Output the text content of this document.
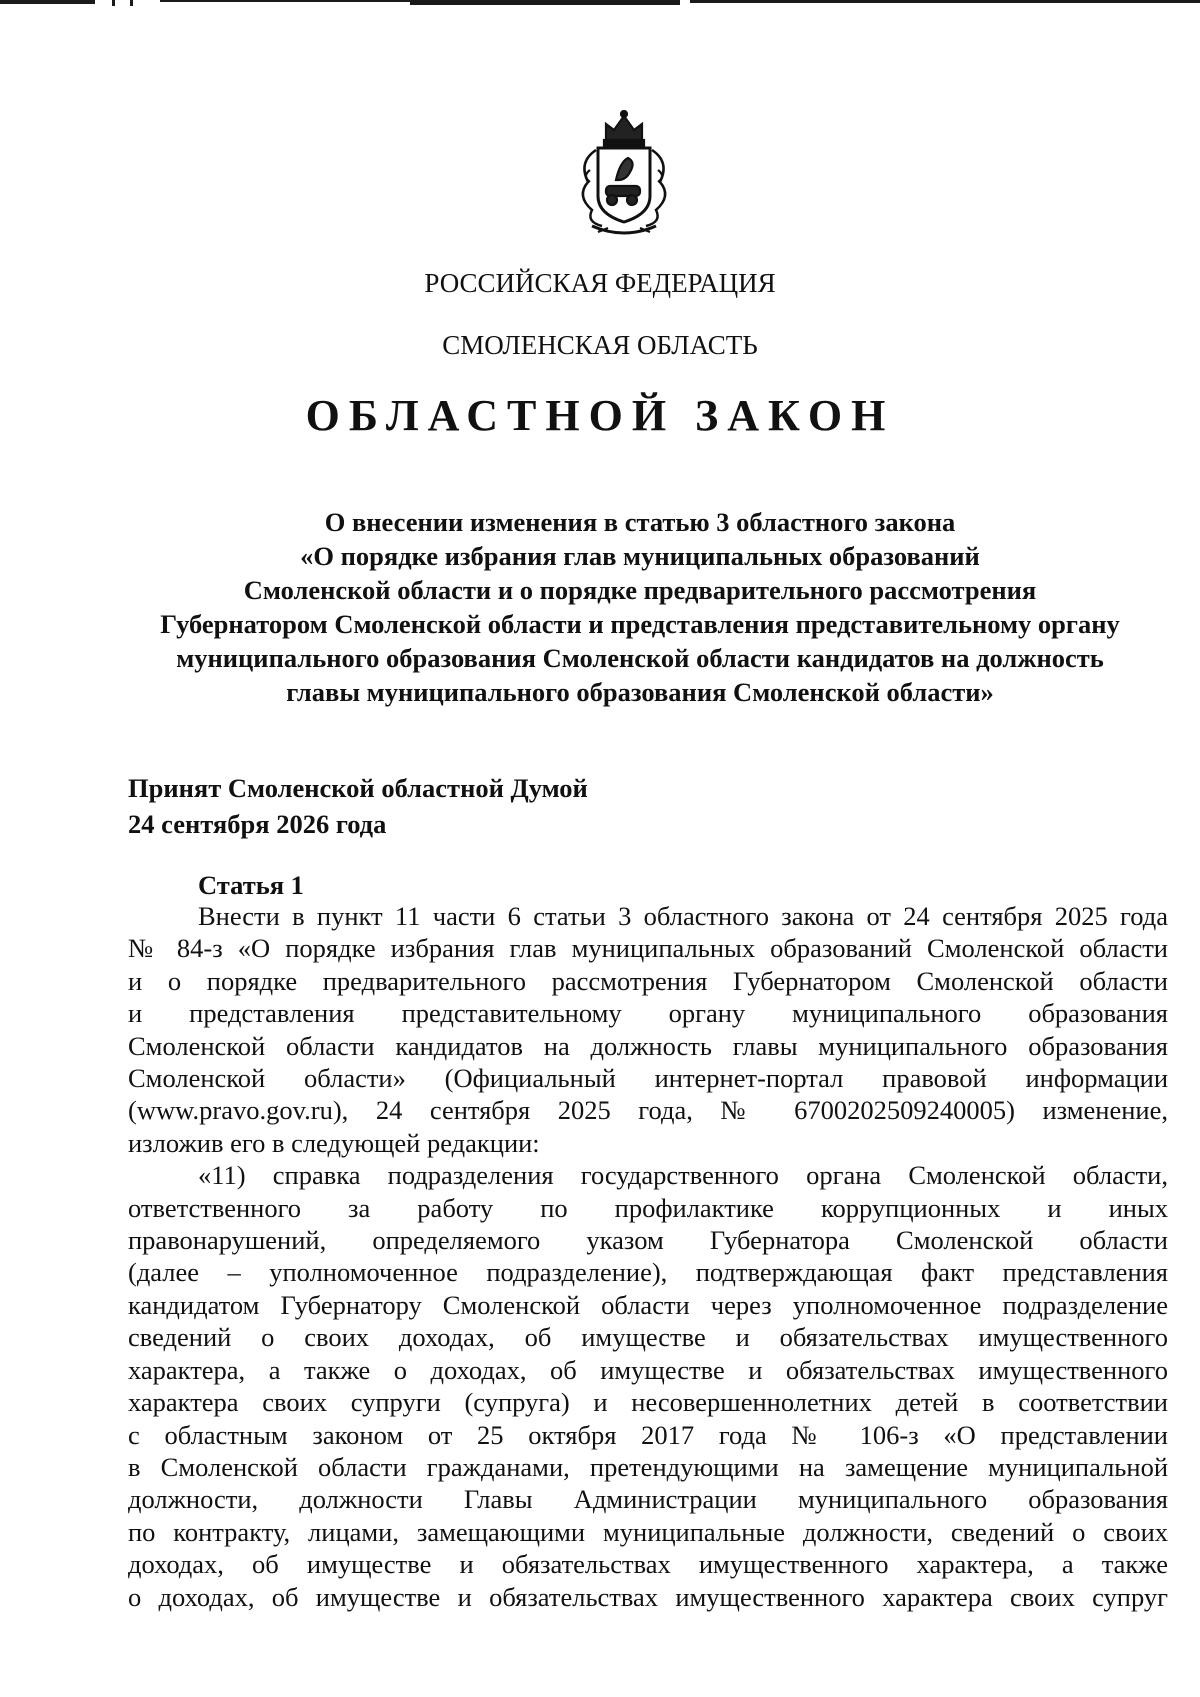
РОССИЙСКАЯ ФЕДЕРАЦИЯ
СМОЛЕНСКАЯ ОБЛАСТЬ
ОБЛАСТНОЙ ЗАКОН
О внесении изменения в статью 3 областного закона
«О порядке избрания глав муниципальных образований
Смоленской области и о порядке предварительного рассмотрения
Губернатором Смоленской области и представления представительному органу
муниципального образования Смоленской области кандидатов на должность
главы муниципального образования Смоленской области»
Принят Смоленской областной Думой
24 сентября 2026 года
Статья 1
Внести в пункт 11 части 6 статьи 3 областного закона от 24 сентября 2025 года
№ 84-з «О порядке избрания глав муниципальных образований Смоленской области
и о порядке предварительного рассмотрения Губернатором Смоленской области
и представления представительному органу муниципального образования
Смоленской области кандидатов на должность главы муниципального образования
Смоленской области» (Официальный интернет-портал правовой информации
(www.pravo.gov.ru), 24 сентября 2025 года, № 6700202509240005) изменение,
изложив его в следующей редакции:
«11) справка подразделения государственного органа Смоленской области,
ответственного за работу по профилактике коррупционных и иных
правонарушений, определяемого указом Губернатора Смоленской области
(далее – уполномоченное подразделение), подтверждающая факт представления
кандидатом Губернатору Смоленской области через уполномоченное подразделение
сведений о своих доходах, об имуществе и обязательствах имущественного
характера, а также о доходах, об имуществе и обязательствах имущественного
характера своих супруги (супруга) и несовершеннолетних детей в соответствии
с областным законом от 25 октября 2017 года № 106-з «О представлении
в Смоленской области гражданами, претендующими на замещение муниципальной
должности, должности Главы Администрации муниципального образования
по контракту, лицами, замещающими муниципальные должности, сведений о своих
доходах, об имуществе и обязательствах имущественного характера, а также
о доходах, об имуществе и обязательствах имущественного характера своих супруг
